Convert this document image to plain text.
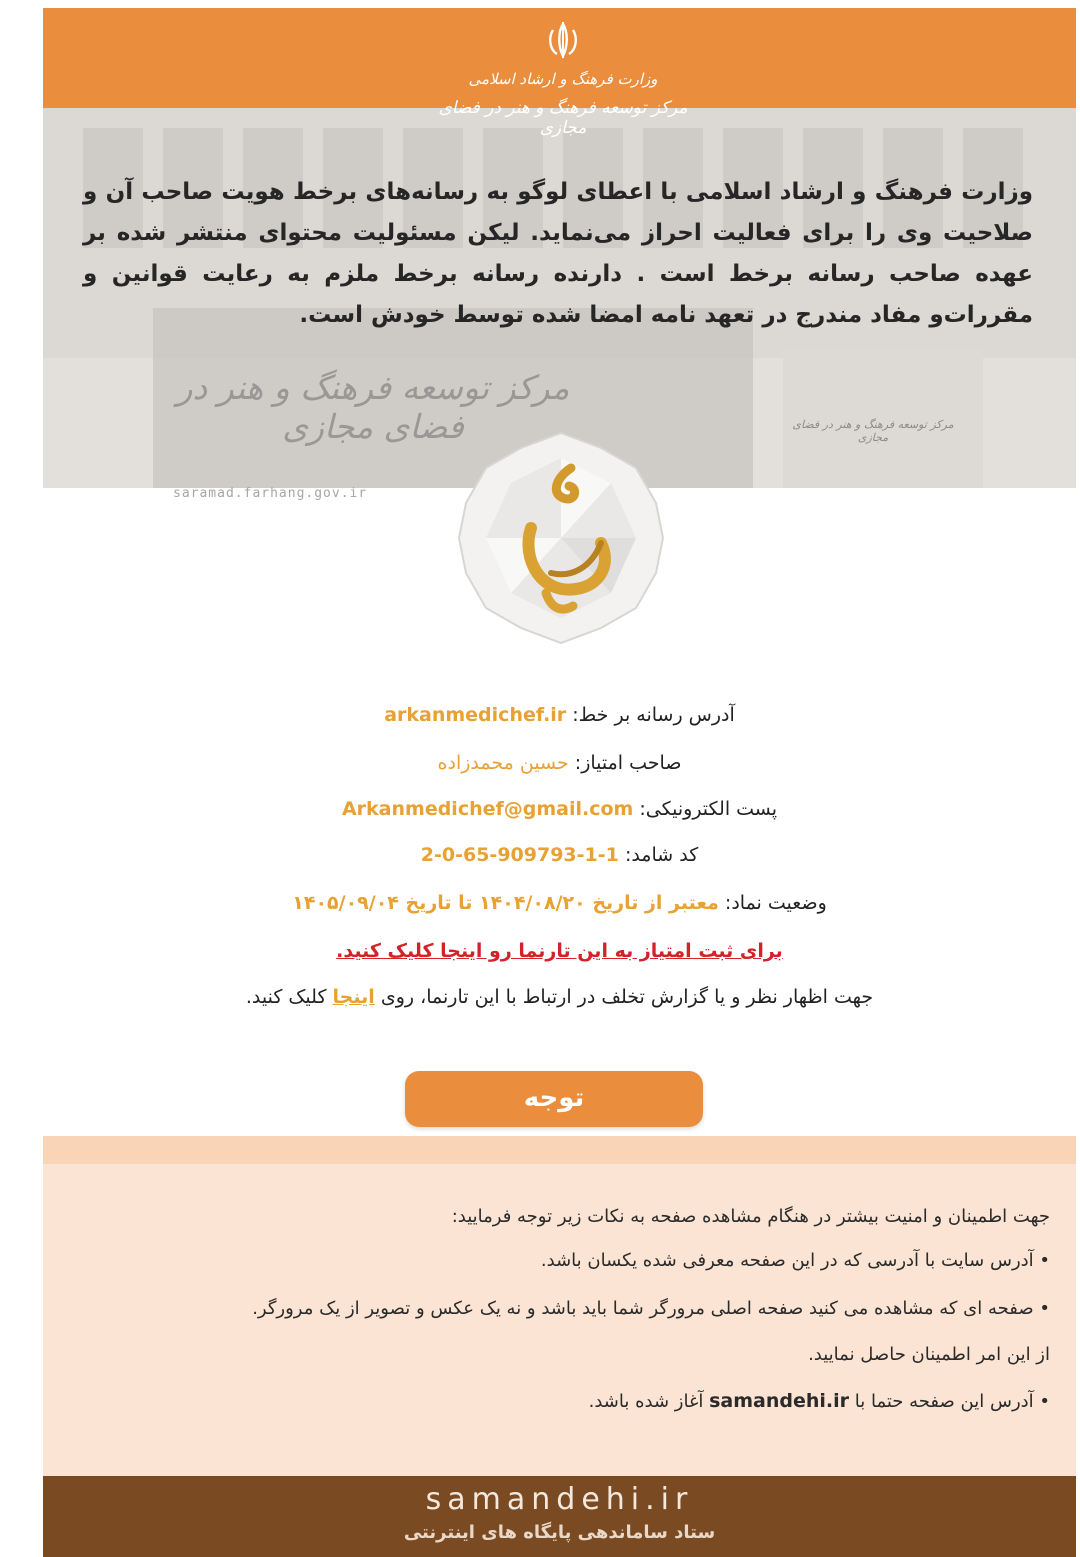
وزارت فرهنگ و ارشاد اسلامی
مرکز توسعه فرهنگ و هنر در فضای مجازی
وزارت فرهنگ و ارشاد اسلامی با اعطای لوگو به رسانه‌های برخط هویت صاحب آن و صلاحیت وی را برای فعالیت احراز می‌نماید. لیکن مسئولیت محتوای منتشر شده بر عهده صاحب رسانه برخط است . دارنده رسانه برخط ملزم به رعایت قوانین و مقررات‌و مفاد مندرج در تعهد نامه امضا شده توسط خودش است.
مرکز توسعه فرهنگ و هنر در فضای مجازی	مرکز توسعه فرهنگ و هنر در فضای مجازی
saramad.farhang.gov.ir
آدرس رسانه بر خط: arkanmedichef.ir
صاحب امتیاز: حسین محمدزاده
پست الکترونیکی: Arkanmedichef@gmail.com
کد شامد: 1-1-909793-65-0-2
وضعیت نماد: معتبر از تاریخ ۱۴۰۴/۰۸/۲۰ تا تاریخ ۱۴۰۵/۰۹/۰۴
برای ثبت امتیاز به این تارنما رو اینجا کلیک کنید.
جهت اظهار نظر و یا گزارش تخلف در ارتباط با این تارنما، روی اینجا کلیک کنید.
توجه
جهت اطمینان و امنیت بیشتر در هنگام مشاهده صفحه به نکات زیر توجه فرمایید:
• آدرس سایت با آدرسی که در این صفحه معرفی شده یکسان باشد.
• صفحه ای که مشاهده می کنید صفحه اصلی مرورگر شما باید باشد و نه یک عکس و تصویر از یک مرورگر.
از این امر اطمینان حاصل نمایید.
• آدرس این صفحه حتما با samandehi.ir آغاز شده باشد.
samandehi.ir
ستاد ساماندهی پایگاه های اینترنتی
